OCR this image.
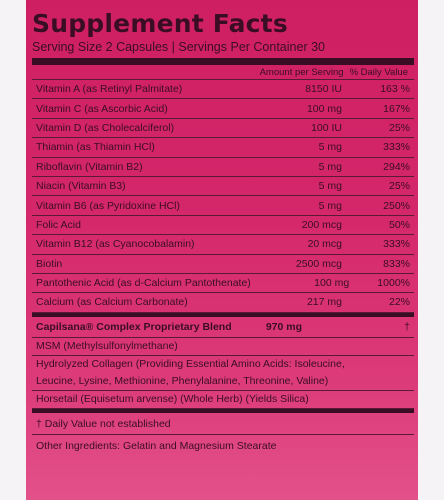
Supplement Facts
Serving Size 2 Capsules | Servings Per Container 30
Amount per Serving % Daily Value
Vitamin A (as Retinyl Palmitate)	8150 IU	163 %
Vitamin C (as Ascorbic Acid)	100 mg	167%
Vitamin D (as Cholecalciferol)	100 IU	25%
Thiamin (as Thiamin HCl)	5 mg	333%
Riboflavin (Vitamin B2)	5 mg	294%
Niacin (Vitamin B3)	5 mg	25%
Vitamin B6 (as Pyridoxine HCl)	5 mg	250%
Folic Acid	200 mcg	50%
Vitamin B12 (as Cyanocobalamin)	20 mcg	333%
Biotin	2500 mcg	833%
Pantothenic Acid (as d-Calcium Pantothenate)	100 mg	1000%
Calcium (as Calcium Carbonate)	217 mg	22%
Capilsana® Complex Proprietary Blend	970 mg	†
MSM (Methylsulfonylmethane)
Hydrolyzed Collagen (Providing Essential Amino Acids: Isoleucine,
Leucine, Lysine, Methionine, Phenylalanine, Threonine, Valine)
Horsetail (Equisetum arvense) (Whole Herb) (Yields Silica)
† Daily Value not established
Other Ingredients: Gelatin and Magnesium Stearate
